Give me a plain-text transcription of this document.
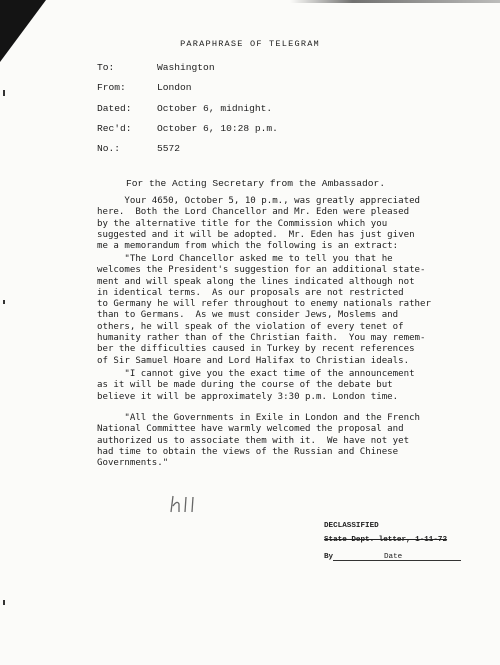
PARAPHRASE OF TELEGRAM
To:	Washington
From:	London
Dated:	October 6, midnight.
Rec'd:	October 6, 10:28 p.m.
No.:	5572
For the Acting Secretary from the Ambassador.
Your 4650, October 5, 10 p.m., was greatly appreciated
here.  Both the Lord Chancellor and Mr. Eden were pleased
by the alternative title for the Commission which you
suggested and it will be adopted.  Mr. Eden has just given
me a memorandum from which the following is an extract:
"The Lord Chancellor asked me to tell you that he
welcomes the President's suggestion for an additional state-
ment and will speak along the lines indicated although not
in identical terms.  As our proposals are not restricted
to Germany he will refer throughout to enemy nationals rather
than to Germans.  As we must consider Jews, Moslems and
others, he will speak of the violation of every tenet of
humanity rather than of the Christian faith.  You may remem-
ber the difficulties caused in Turkey by recent references
of Sir Samuel Hoare and Lord Halifax to Christian ideals.
"I cannot give you the exact time of the announcement
as it will be made during the course of the debate but
believe it will be approximately 3:30 p.m. London time.
"All the Governments in Exile in London and the French
National Committee have warmly welcomed the proposal and
authorized us to associate them with it.  We have not yet
had time to obtain the views of the Russian and Chinese
Governments."
DECLASSIFIED
State Dept. letter, 1-11-72
By	Date
